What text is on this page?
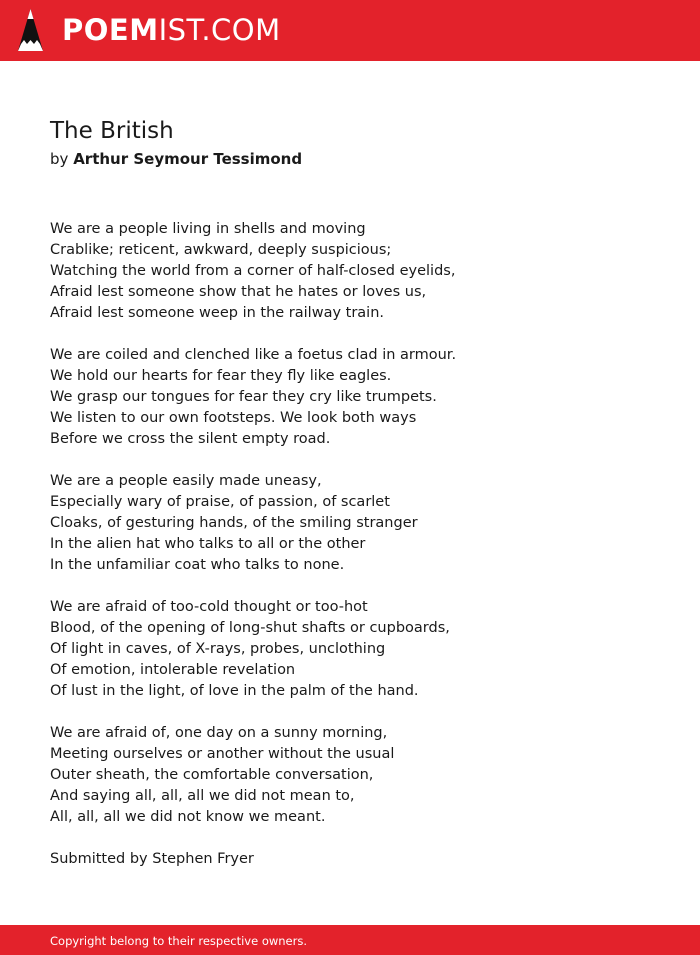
POEMIST.COM
The British
by Arthur Seymour Tessimond
We are a people living in shells and moving
Crablike; reticent, awkward, deeply suspicious;
Watching the world from a corner of half-closed eyelids,
Afraid lest someone show that he hates or loves us,
Afraid lest someone weep in the railway train.
We are coiled and clenched like a foetus clad in armour.
We hold our hearts for fear they fly like eagles.
We grasp our tongues for fear they cry like trumpets.
We listen to our own footsteps. We look both ways
Before we cross the silent empty road.
We are a people easily made uneasy,
Especially wary of praise, of passion, of scarlet
Cloaks, of gesturing hands, of the smiling stranger
In the alien hat who talks to all or the other
In the unfamiliar coat who talks to none.
We are afraid of too-cold thought or too-hot
Blood, of the opening of long-shut shafts or cupboards,
Of light in caves, of X-rays, probes, unclothing
Of emotion, intolerable revelation
Of lust in the light, of love in the palm of the hand.
We are afraid of, one day on a sunny morning,
Meeting ourselves or another without the usual
Outer sheath, the comfortable conversation,
And saying all, all, all we did not mean to,
All, all, all we did not know we meant.
Submitted by Stephen Fryer
Copyright belong to their respective owners.
